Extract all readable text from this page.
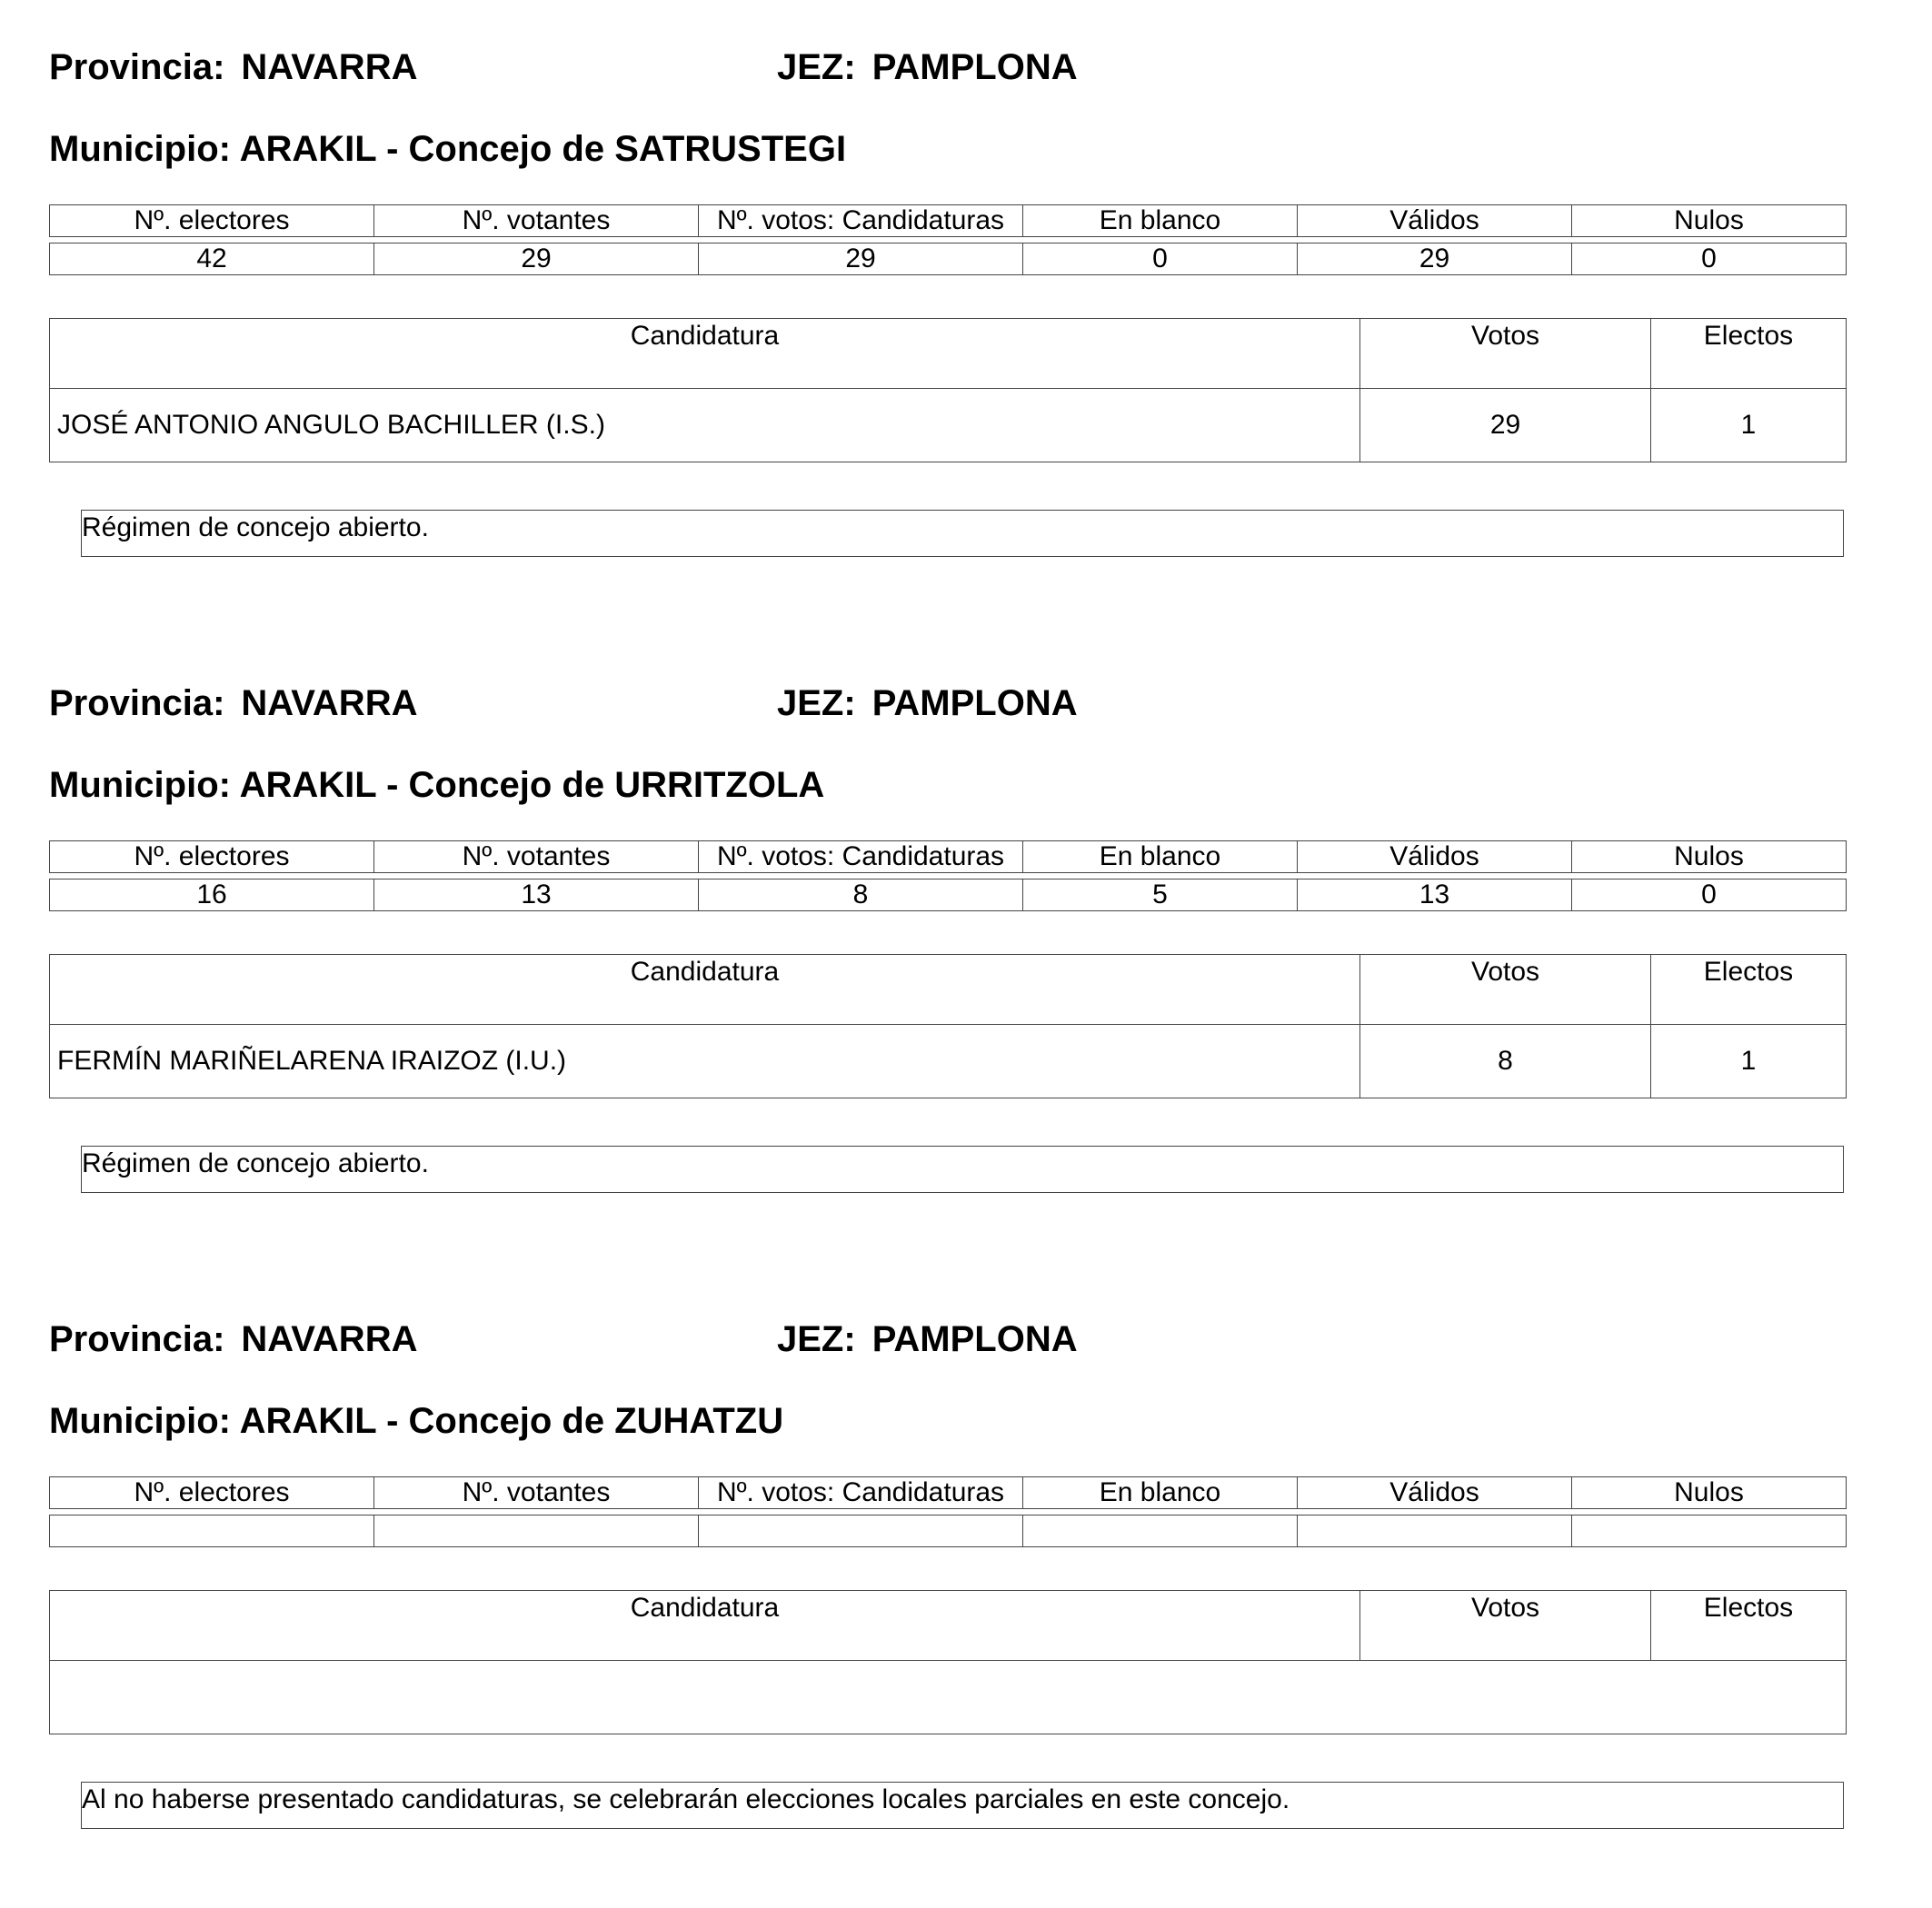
Provincia: NAVARRA	JEZ: PAMPLONA
Municipio: ARAKIL - Concejo de SATRUSTEGI
Nº. electores	Nº. votantes	Nº. votos: Candidaturas	En blanco	Válidos	Nulos
42	29	29	0	29	0
Candidatura	Votos	Electos
JOSÉ ANTONIO ANGULO BACHILLER (I.S.)	29	1
Régimen de concejo abierto.
Provincia: NAVARRA	JEZ: PAMPLONA
Municipio: ARAKIL - Concejo de URRITZOLA
Nº. electores	Nº. votantes	Nº. votos: Candidaturas	En blanco	Válidos	Nulos
16	13	8	5	13	0
Candidatura	Votos	Electos
FERMÍN MARIÑELARENA IRAIZOZ (I.U.)	8	1
Régimen de concejo abierto.
Provincia: NAVARRA	JEZ: PAMPLONA
Municipio: ARAKIL - Concejo de ZUHATZU
Nº. electores	Nº. votantes	Nº. votos: Candidaturas	En blanco	Válidos	Nulos

Candidatura	Votos	Electos

Al no haberse presentado candidaturas, se celebrarán elecciones locales parciales en este concejo.
